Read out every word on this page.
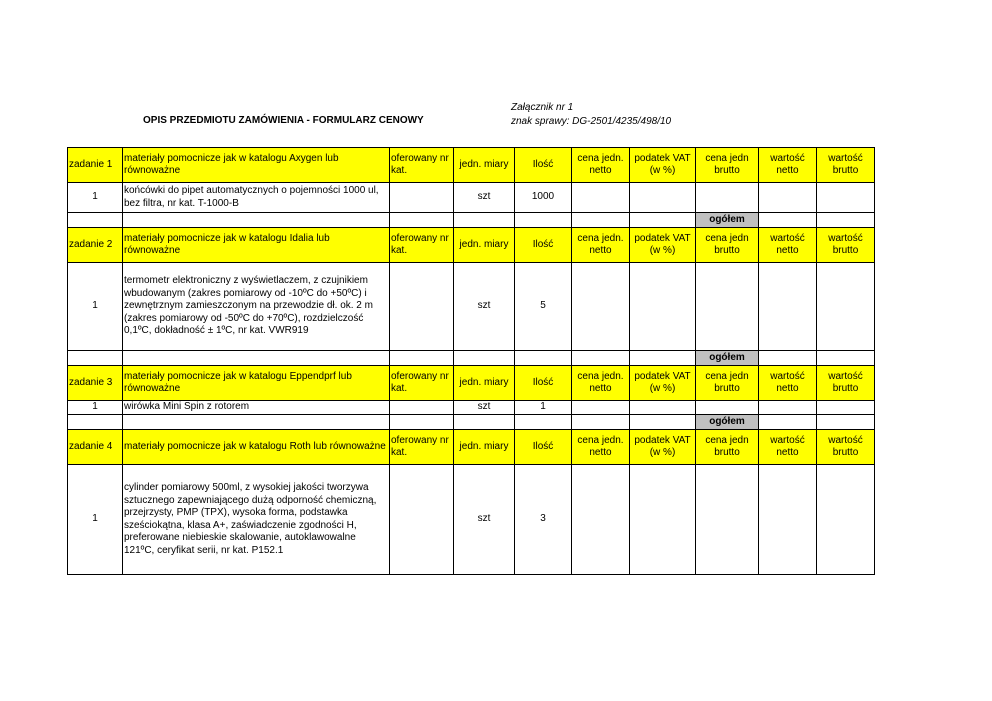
OPIS PRZEDMIOTU ZAMÓWIENIA - FORMULARZ CENOWY
Załącznik nr 1
znak sprawy: DG-2501/4235/498/10
zadanie 1	materiały pomocnicze jak w katalogu Axygen lub równoważne	oferowany nr kat.	jedn. miary	Ilość	cena jedn. netto	podatek VAT (w %)	cena jedn brutto	wartość netto	wartość brutto
1	końcówki do pipet automatycznych o pojemności 1000 ul, bez filtra, nr kat. T-1000-B		szt	1000					
							ogółem		
zadanie 2	materiały pomocnicze jak w katalogu Idalia lub równoważne	oferowany nr kat.	jedn. miary	Ilość	cena jedn. netto	podatek VAT (w %)	cena jedn brutto	wartość netto	wartość brutto
1	termometr elektroniczny z wyświetlaczem, z czujnikiem wbudowanym (zakres pomiarowy od -10ºC do +50ºC) i zewnętrznym zamieszczonym na przewodzie dł. ok. 2 m (zakres pomiarowy od -50ºC do +70ºC), rozdzielczość 0,1ºC, dokładność ± 1ºC, nr kat. VWR919		szt	5					
							ogółem		
zadanie 3	materiały pomocnicze jak w katalogu Eppendprf lub równoważne	oferowany nr kat.	jedn. miary	Ilość	cena jedn. netto	podatek VAT (w %)	cena jedn brutto	wartość netto	wartość brutto
1	wirówka Mini Spin z rotorem		szt	1					
							ogółem		
zadanie 4	materiały pomocnicze jak w katalogu Roth lub równoważne	oferowany nr kat.	jedn. miary	Ilość	cena jedn. netto	podatek VAT (w %)	cena jedn brutto	wartość netto	wartość brutto
1	cylinder pomiarowy 500ml, z wysokiej jakości tworzywa sztucznego zapewniającego dużą odporność chemiczną, przejrzysty, PMP (TPX), wysoka forma, podstawka sześciokątna, klasa A+, zaświadczenie zgodności H, preferowane niebieskie skalowanie, autoklawowalne 121ºC, ceryfikat serii, nr kat. P152.1		szt	3					
